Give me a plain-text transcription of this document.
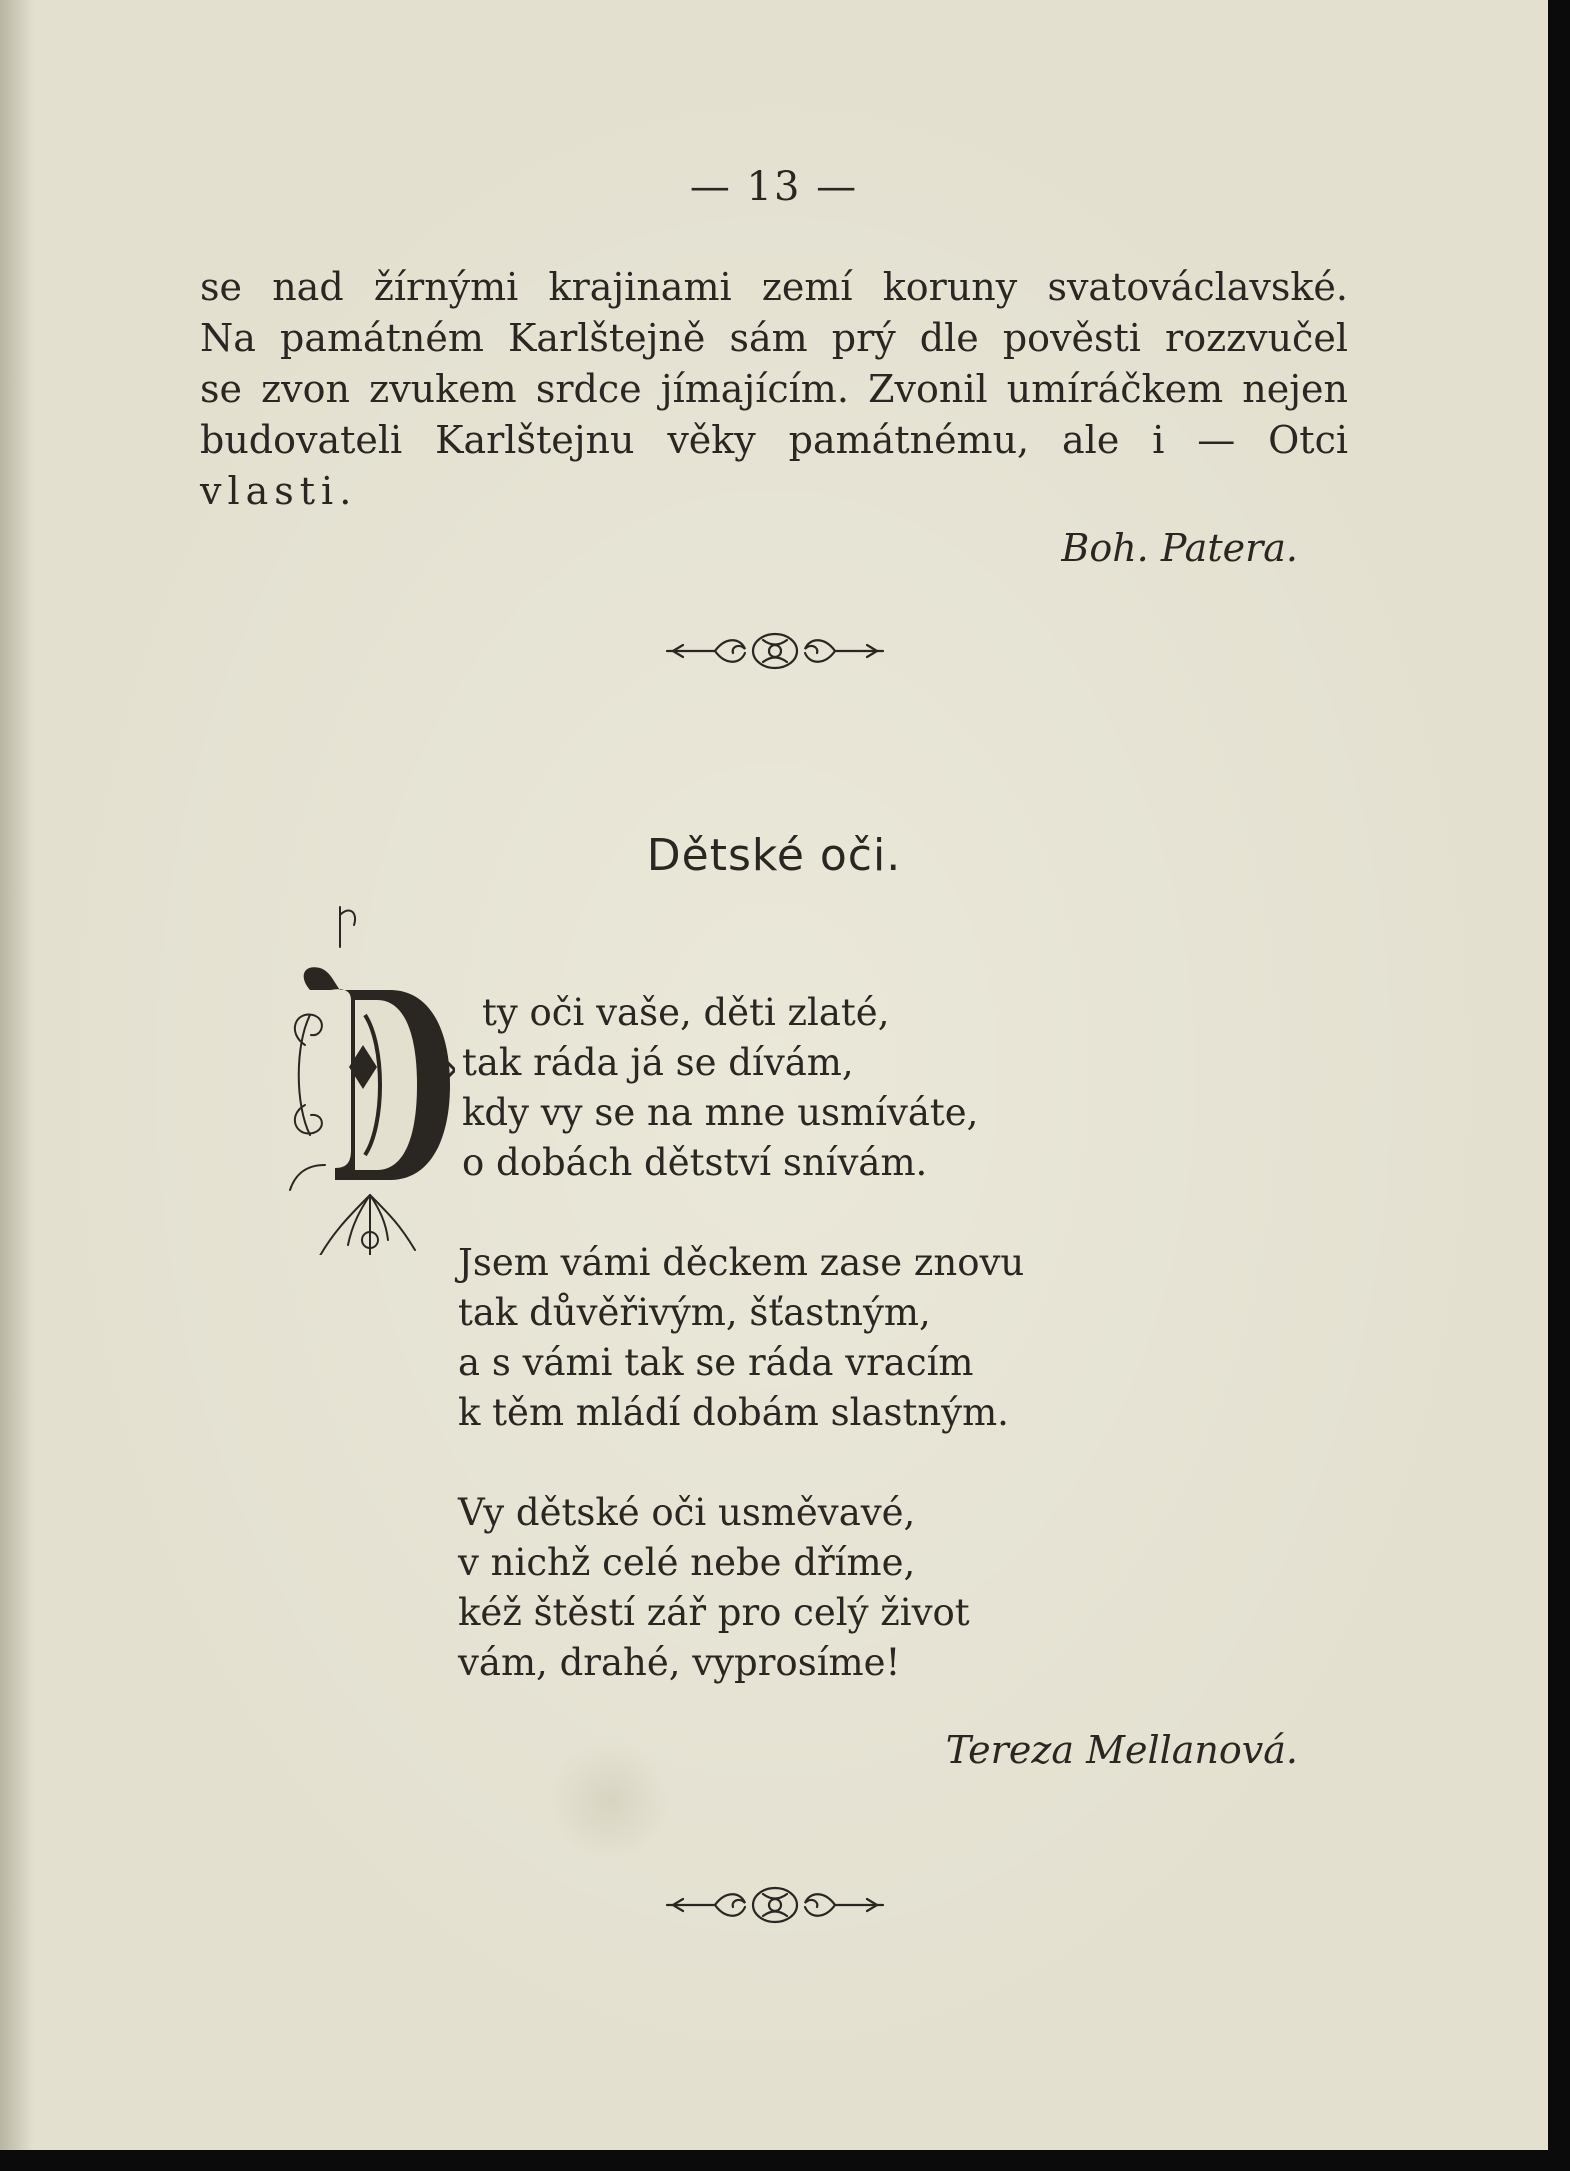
— 13 —
se nad žírnými krajinami zemí koruny svatováclavské.
Na památném Karlštejně sám prý dle pověsti rozzvučel
se zvon zvukem srdce jímajícím. Zvonil umíráčkem nejen
budovateli Karlštejnu věky památnému, ale i — Otci
vlasti.
Boh. Patera.
Dětské oči.
ty oči vaše, děti zlaté,
tak ráda já se dívám,
kdy vy se na mne usmíváte,
o dobách dětství snívám.
Jsem vámi děckem zase znovu
tak důvěřivým, šťastným,
a s vámi tak se ráda vracím
k těm mládí dobám slastným.
Vy dětské oči usměvavé,
v nichž celé nebe dříme,
kéž štěstí zář pro celý život
vám, drahé, vyprosíme!
Tereza Mellanová.
